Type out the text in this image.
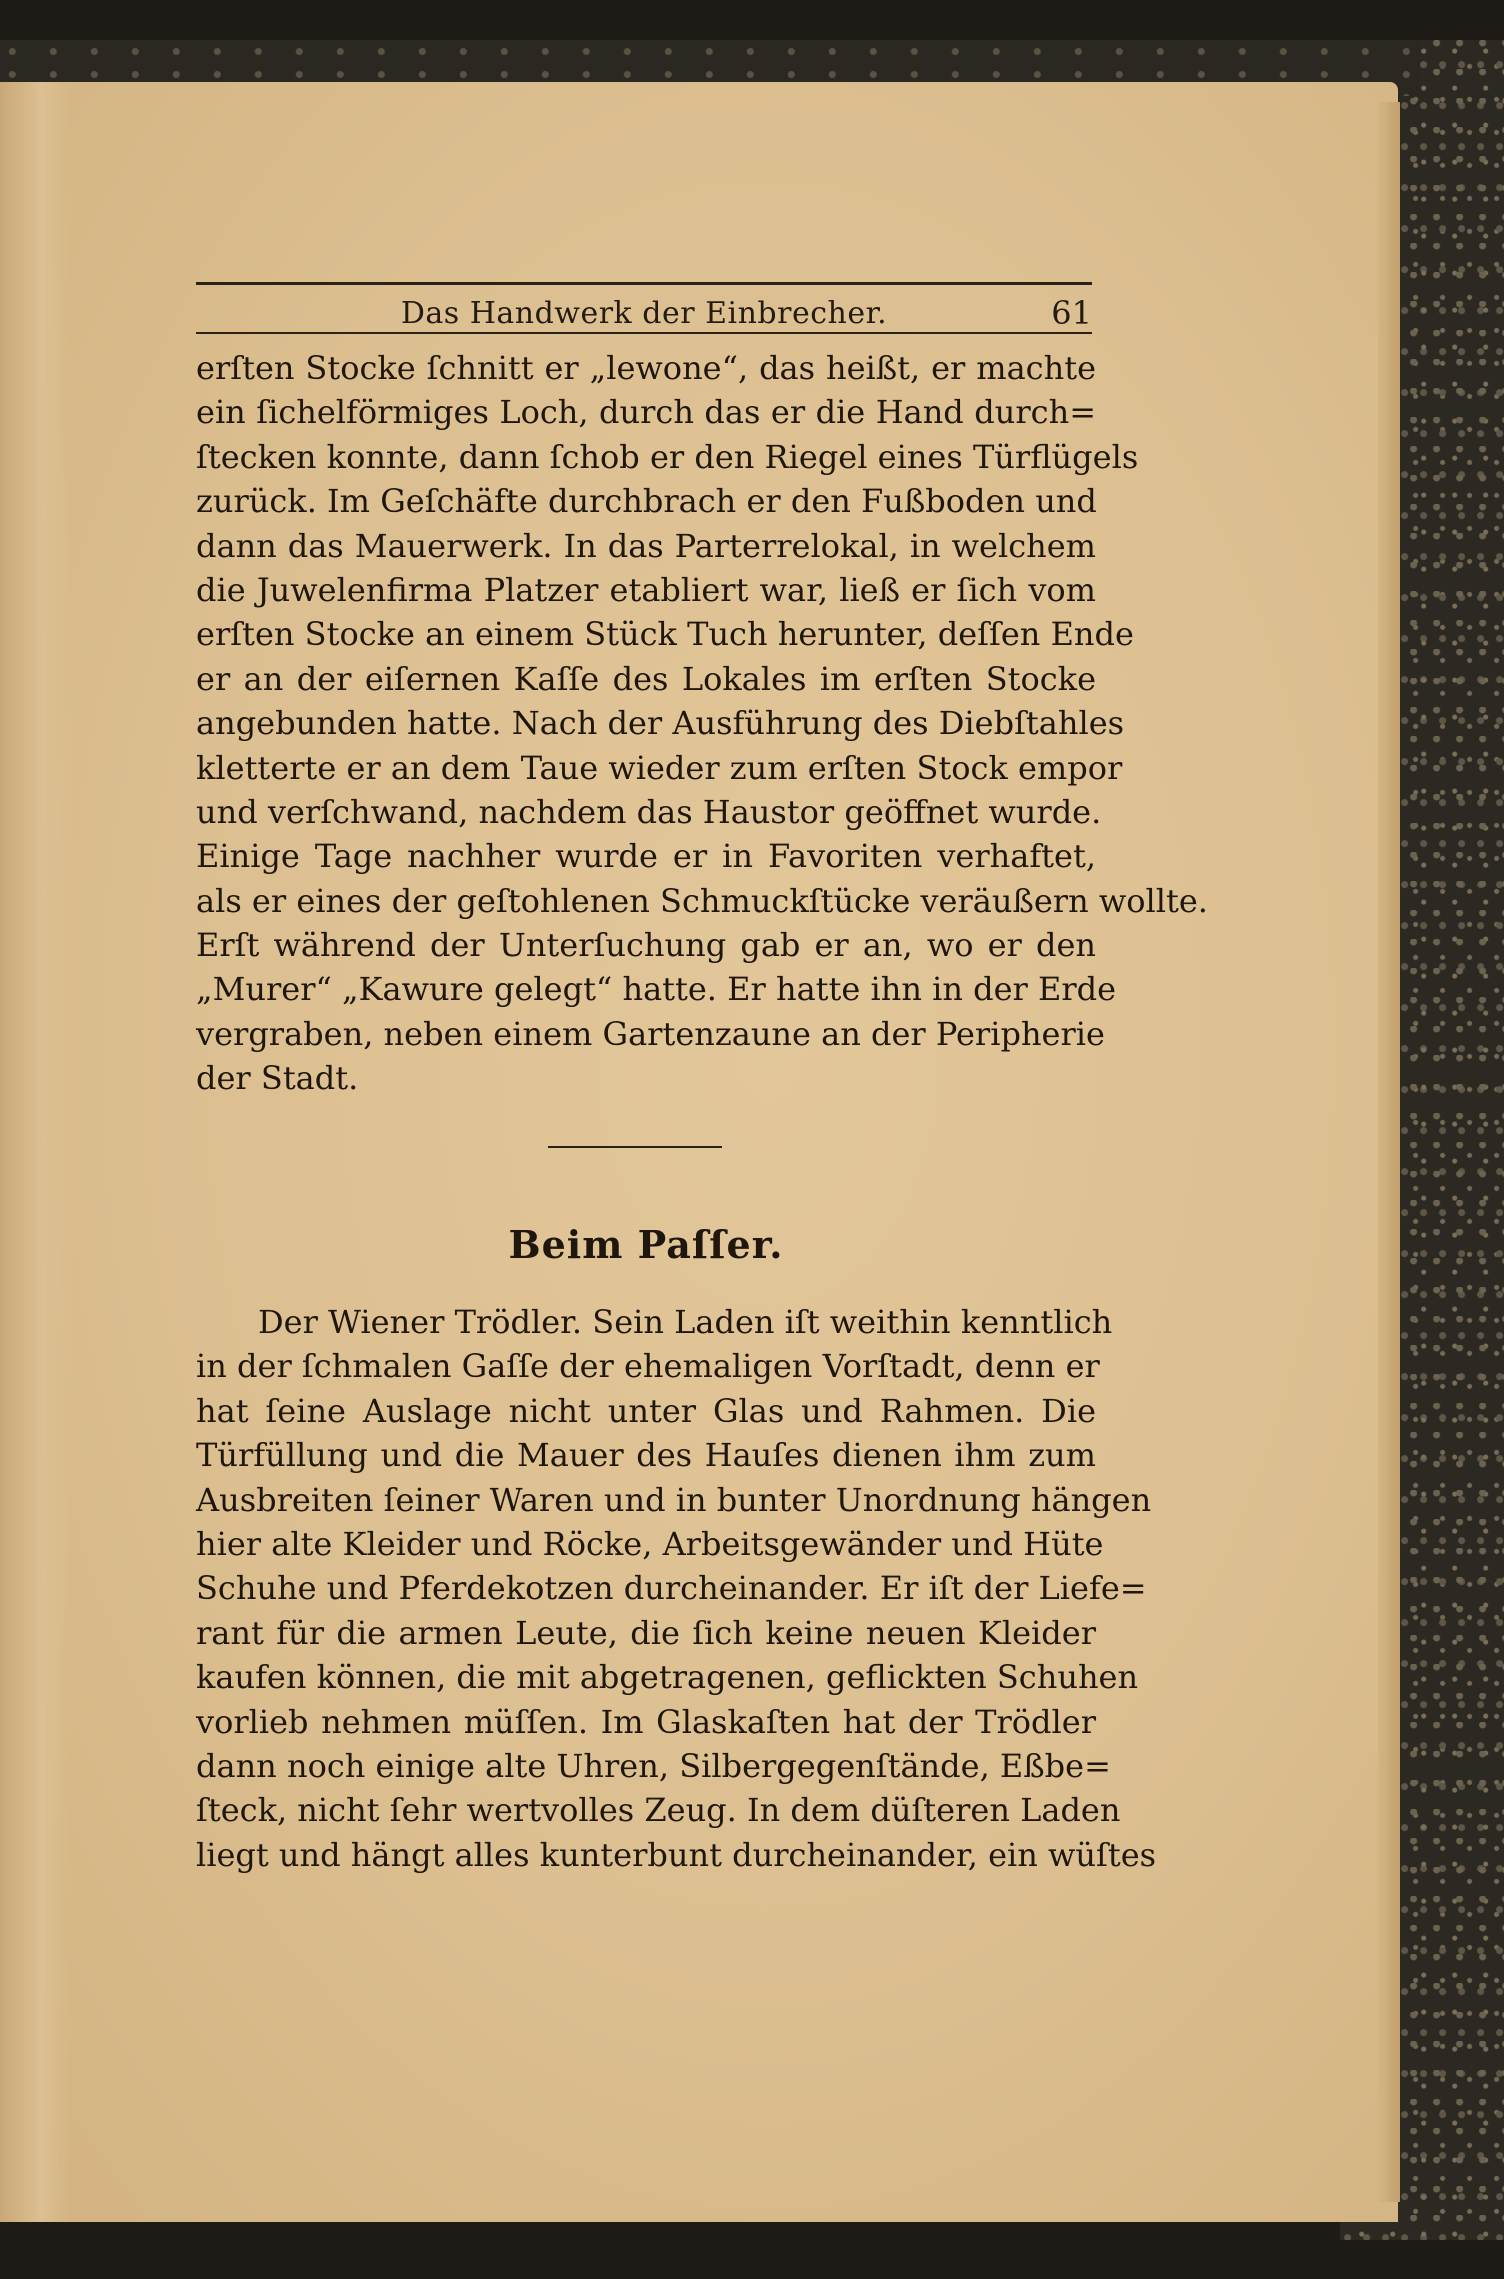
Das Handwerk der Einbrecher.	61
erſten Stocke ſchnitt er „lewone“, das heißt, er machte
ein ſichelförmiges Loch, durch das er die Hand durch=
ſtecken konnte, dann ſchob er den Riegel eines Türflügels
zurück. Im Geſchäfte durchbrach er den Fußboden und
dann das Mauerwerk. In das Parterrelokal, in welchem
die Juwelenfirma Platzer etabliert war, ließ er ſich vom
erſten Stocke an einem Stück Tuch herunter, deſſen Ende
er an der eiſernen Kaſſe des Lokales im erſten Stocke
angebunden hatte. Nach der Ausführung des Diebſtahles
kletterte er an dem Taue wieder zum erſten Stock empor
und verſchwand, nachdem das Haustor geöffnet wurde.
Einige Tage nachher wurde er in Favoriten verhaftet,
als er eines der geſtohlenen Schmuckſtücke veräußern wollte.
Erſt während der Unterſuchung gab er an, wo er den
„Murer“ „Kawure gelegt“ hatte. Er hatte ihn in der Erde
vergraben, neben einem Gartenzaune an der Peripherie
der Stadt.
Beim Paſſer.
Der Wiener Trödler. Sein Laden iſt weithin kenntlich
in der ſchmalen Gaſſe der ehemaligen Vorſtadt, denn er
hat ſeine Auslage nicht unter Glas und Rahmen. Die
Türfüllung und die Mauer des Hauſes dienen ihm zum
Ausbreiten ſeiner Waren und in bunter Unordnung hängen
hier alte Kleider und Röcke, Arbeitsgewänder und Hüte
Schuhe und Pferdekotzen durcheinander. Er iſt der Liefe=
rant für die armen Leute, die ſich keine neuen Kleider
kaufen können, die mit abgetragenen, geflickten Schuhen
vorlieb nehmen müſſen. Im Glaskaſten hat der Trödler
dann noch einige alte Uhren, Silbergegenſtände, Eßbe=
ſteck, nicht ſehr wertvolles Zeug. In dem düſteren Laden
liegt und hängt alles kunterbunt durcheinander, ein wüſtes
